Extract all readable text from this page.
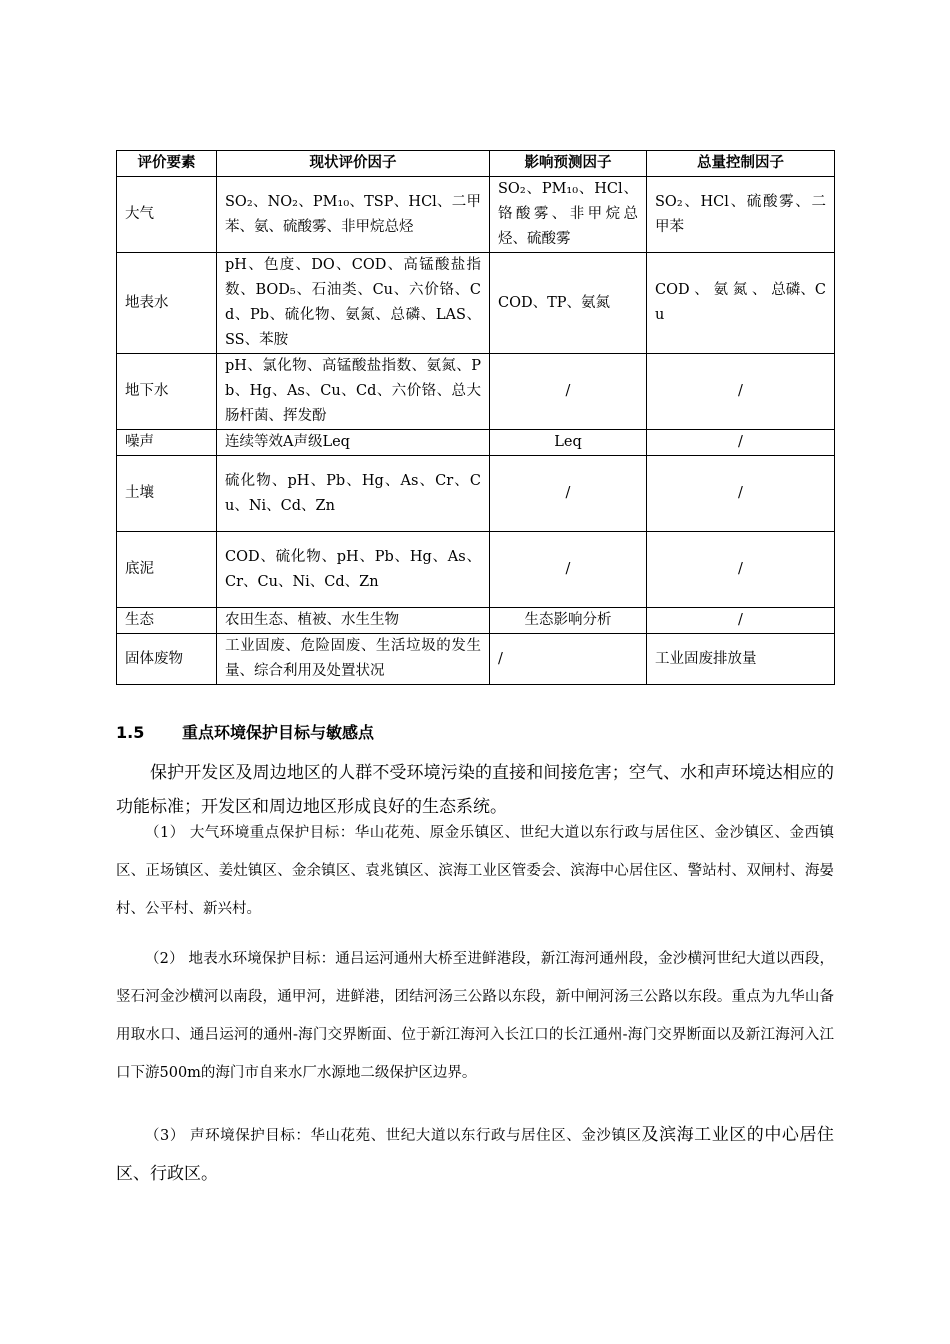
评价要素	现状评价因子	影响预测因子	总量控制因子
大气	SO₂、NO₂、PM₁₀、TSP、HCl、二甲苯、氨、硫酸雾、非甲烷总烃	SO₂、PM₁₀、HCl、铬酸雾、非甲烷总烃、硫酸雾	SO₂、HCl、硫酸雾、二甲苯
地表水	pH、色度、DO、COD、高锰酸盐指数、BOD₅、石油类、Cu、六价铬、Cd、Pb、硫化物、氨氮、总磷、LAS、SS、苯胺	COD、TP、氨氮	COD 、 氨 氮 、 总磷、Cu
地下水	pH、氯化物、高锰酸盐指数、氨氮、Pb、Hg、As、Cu、Cd、六价铬、总大肠杆菌、挥发酚	/	/
噪声	连续等效A声级Leq	Leq	/
土壤	硫化物、pH、Pb、Hg、As、Cr、Cu、Ni、Cd、Zn	/	/
底泥	COD、硫化物、pH、Pb、Hg、As、Cr、Cu、Ni、Cd、Zn	/	/
生态	农田生态、植被、水生生物	生态影响分析	/
固体废物	工业固废、危险固废、生活垃圾的发生量、综合利用及处置状况	/	工业固废排放量
1.5 重点环境保护目标与敏感点

保护开发区及周边地区的人群不受环境污染的直接和间接危害；空气、水和声环境达相应的功能标准；开发区和周边地区形成良好的生态系统。

（1） 大气环境重点保护目标：华山花苑、原金乐镇区、世纪大道以东行政与居住区、金沙镇区、金西镇区、正场镇区、姜灶镇区、金余镇区、袁兆镇区、滨海工业区管委会、滨海中心居住区、警站村、双闸村、海晏村、公平村、新兴村。

（2） 地表水环境保护目标：通吕运河通州大桥至进鲜港段，新江海河通州段，金沙横河世纪大道以西段，竖石河金沙横河以南段，通甲河，进鲜港，团结河汤三公路以东段，新中闸河汤三公路以东段。重点为九华山备用取水口、通吕运河的通州-海门交界断面、位于新江海河入长江口的长江通州-海门交界断面以及新江海河入江口下游500m的海门市自来水厂水源地二级保护区边界。

（3） 声环境保护目标：华山花苑、世纪大道以东行政与居住区、金沙镇区及滨海工业区的中心居住区、行政区。
